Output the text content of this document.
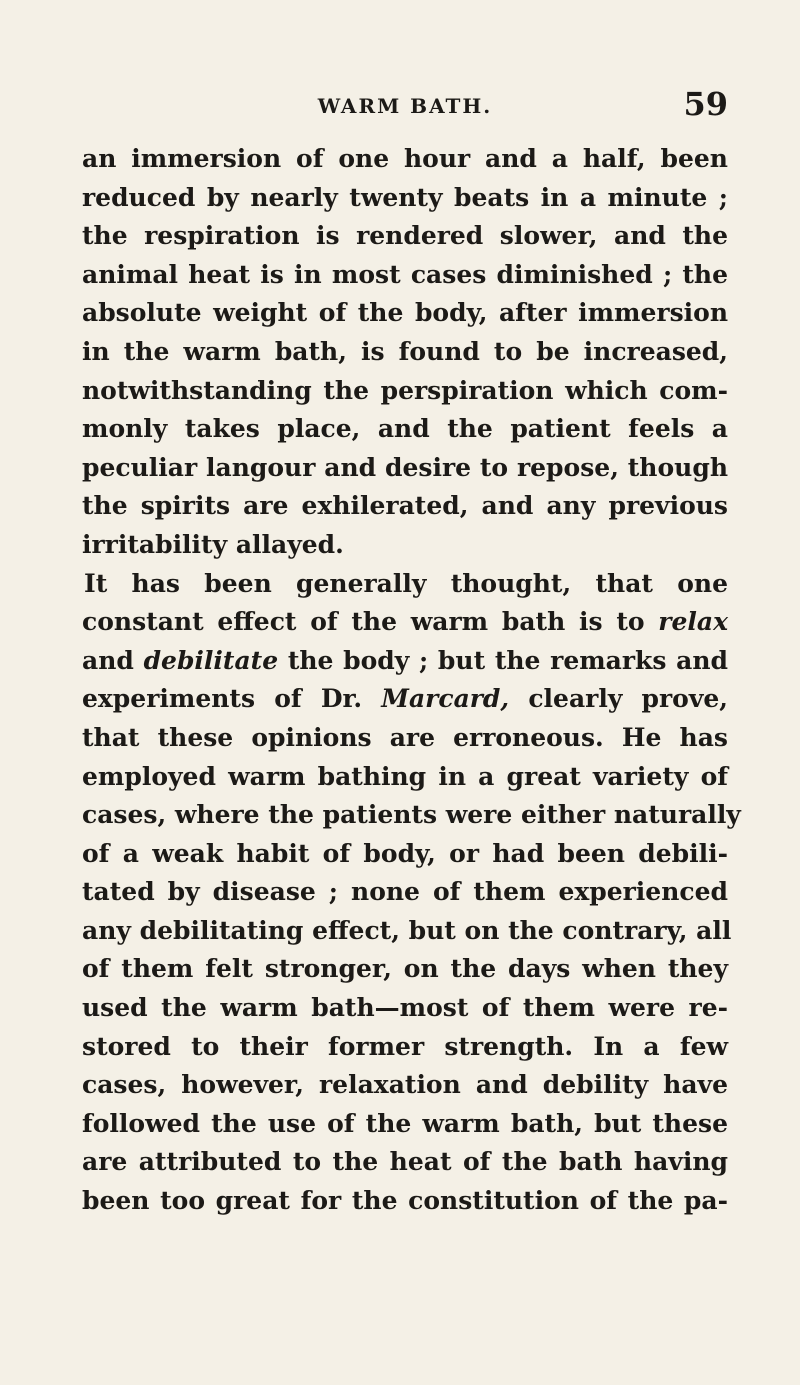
WARM BATH.	59
an immersion of one hour and a half, been
reduced by nearly twenty beats in a minute ;
the respiration is rendered slower, and the
animal heat is in most cases diminished ; the
absolute weight of the body, after immersion
in the warm bath, is found to be increased,
notwithstanding the perspiration which com-
monly takes place, and the patient feels a
peculiar langour and desire to repose, though
the spirits are exhilerated, and any previous
irritability allayed.
It has been generally thought, that one
constant effect of the warm bath is to relax
and debilitate the body ; but the remarks and
experiments of Dr. Marcard, clearly prove,
that these opinions are erroneous. He has
employed warm bathing in a great variety of
cases, where the patients were either naturally
of a weak habit of body, or had been debili-
tated by disease ; none of them experienced
any debilitating effect, but on the contrary, all
of them felt stronger, on the days when they
used the warm bath—most of them were re-
stored to their former strength. In a few
cases, however, relaxation and debility have
followed the use of the warm bath, but these
are attributed to the heat of the bath having
been too great for the constitution of the pa-
